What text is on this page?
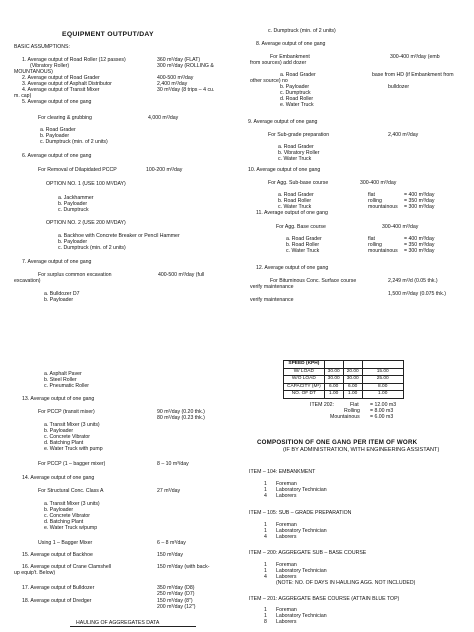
EQUIPMENT OUTPUT/DAY
BASIC ASSUMPTIONS:
1. Average output of Road Roller (12 passes)	360 m²/day (FLAT)
(Vibratory Roller)	300 m²/day (ROLLING &
MOUNTANOUS)
2. Average output of Road Grader	400-500 m²/day
3. Average output of Asphalt Distributor	2,400 m²/day
4. Average output of Transit Mixer	30 m³/day (8 trips – 4 cu.
m. cap)
5. Average output of one gang
For clearing & grubbing	4,000 m²/day
a. Road Grader
b. Payloader
c. Dumptruck (min. of 2 units)
6. Average output of one gang
For Removal of Dilapidated PCCP	100-200 m²/day
OPTION NO. 1 (USE 100 M²/DAY)
a. Jackhammer
b. Payloader
c. Dumptruck
OPTION NO. 2 (USE 200 M²/DAY)
a. Backhoe with Concrete Breaker or Pencil Hammer
b. Payloader
c. Dumptruck (min. of 2 units)
7. Average output of one gang
For surplus common excavation	400-500 m³/day (full
excavation)
a. Bulldozer D7
b. Payloader
a. Asphalt Paver
b. Steel Roller
c. Pneumatic Roller
13. Average output of one gang
For PCCP (transit mixer)	90 m²/day (0.20 thk.)
80 m²/day (0.23 thk.)
a. Transit Mixer (3 units)
b. Payloader
c. Concrete Vibrator
d. Batching Plant
e. Water Truck with pump
For PCCP (1 – bagger mixer)	8 – 10 m³/day
14. Average output of one gang
For Structural Conc. Class A	27 m³/day
a. Transit Mixer (3 units)
b. Payloader
c. Concrete Vibrator
d. Batching Plant
e. Water Truck w/pump
Using 1 – Bagger Mixer	6 – 8 m³/day
15. Average output of Backhoe	150 m³/day
16. Average output of Crane Clamshell	150 m³/day (with back-
up equip't. Below)
17. Average output of Bulldozer	350 m³/day (D8)
250 m³/day (D7)
18. Average output of Dredger	150 m³/day (8")
200 m³/day (12")
HAULING OF AGGREGATES DATA
c. Dumptruck (min. of 2 units)
8. Average output of one gang
For Embankment	300-400 m³/day (emb
from sources) add dozer
a. Road Grader	base from HD (if Embankment from
other source) no
b. Payloader	bulldozer
c. Dumptruck
d. Road Roller
e. Water Truck
9. Average output of one gang
For Sub-grade preparation	2,400 m²/day
a. Road Grader
b. Vibratory Roller
c. Water Truck
10. Average output of one gang
For Agg. Sub-base course	300-400 m³/day
a. Road Grader	flat	= 400 m³/day
b. Road Roller	rolling	= 350 m³/day
c. Water Truck	mountainous = 300 m³/day
11. Average output of one gang
For Agg. Base course	300-400 m³/day
a. Road Grader	flat	= 400 m³/day
b. Road Roller	rolling	= 350 m³/day
c. Water Truck	mountainous = 300 m³/day
12. Average output of one gang
For Bituminous Conc. Surface course	2,249 m²/d (0.05 thk.)
verify maintenance
1,500 m²/day (0.075 thk.)
verify maintenance
SPEED (KPH)			
W/ LOAD	30.00	20.00	15.00
W/O LOAD	30.00	30.00	25.00
CAPACITY (M³)	6.00	6.00	8.00
NO. OF DT	1.00	1.00	1.00
ITEM 202:	Flat = 12.00 m3
Rolling = 8.00 m3
Mountainous = 6.00 m3
COMPOSITION OF ONE GANG PER ITEM OF WORK
(IF BY ADMINISTRATION, WITH ENGINEERING ASSISTANT)
ITEM – 104: EMBANKMENT
1 Foreman
1 Laboratory Technician
4 Laborers
ITEM – 105: SUB – GRADE PREPARATION
1 Foreman
1 Laboratory Technician
4 Laborers
ITEM – 200: AGGREGATE SUB – BASE COURSE
1 Foreman
1 Laboratory Technician
4 Laborers
(NOTE: NO. OF DAYS IN HAULING AGG. NOT INCLUDED)
ITEM – 201: AGGREGATE BASE COURSE (ATTAIN BLUE TOP)
1 Foreman
1 Laboratory Technician
8 Laborers
